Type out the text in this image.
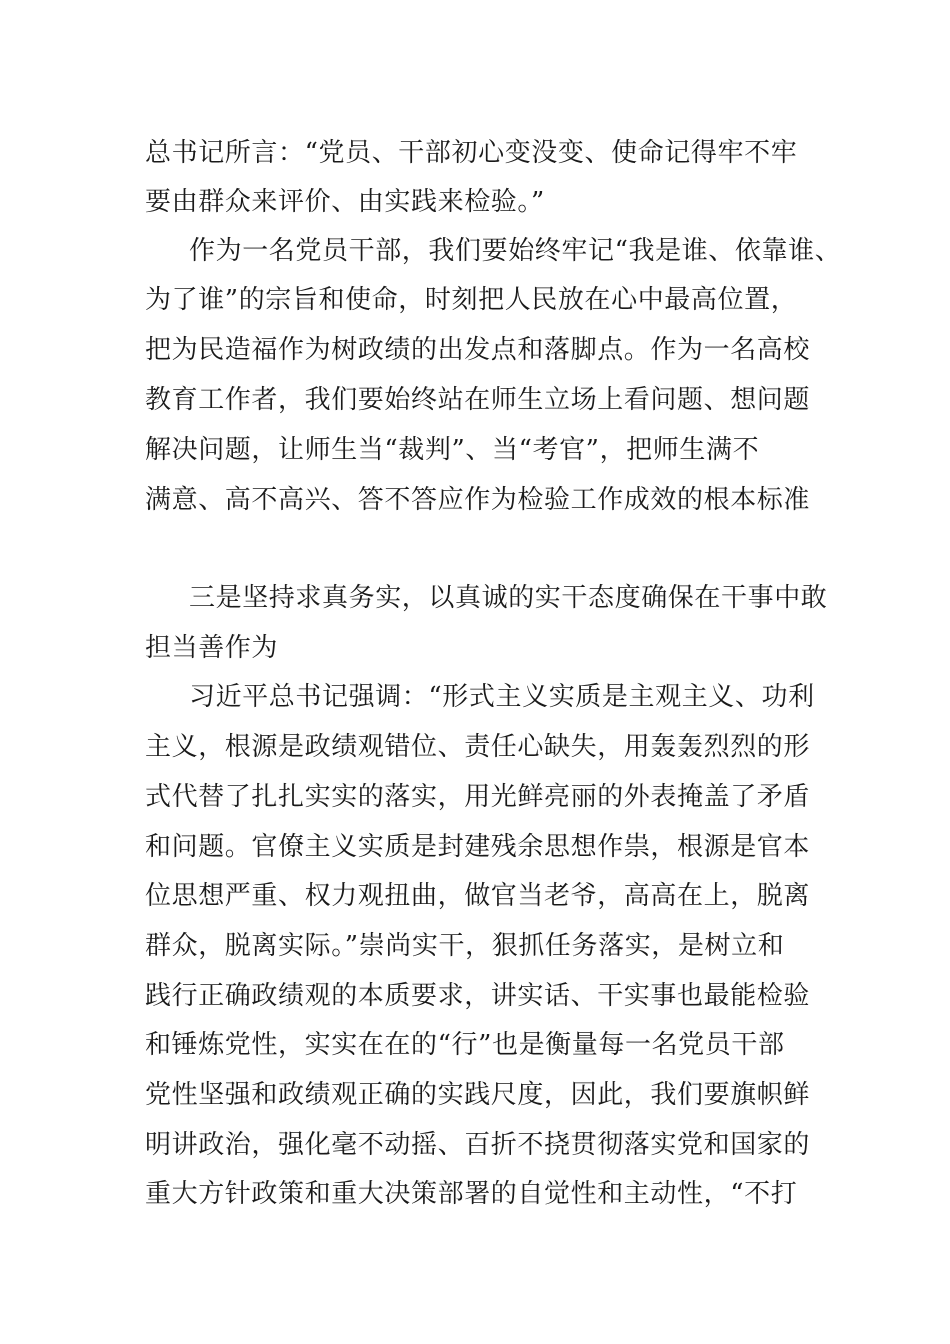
总书记所言：“党员、干部初心变没变、使命记得牢不牢
要由群众来评价、由实践来检验。”
作为一名党员干部，我们要始终牢记“我是谁、依靠谁、
为了谁”的宗旨和使命，时刻把人民放在心中最高位置，
把为民造福作为树政绩的出发点和落脚点。作为一名高校
教育工作者，我们要始终站在师生立场上看问题、想问题
解决问题，让师生当“裁判”、当“考官”，把师生满不
满意、高不高兴、答不答应作为检验工作成效的根本标准
三是坚持求真务实，以真诚的实干态度确保在干事中敢
担当善作为
习近平总书记强调：“形式主义实质是主观主义、功利
主义，根源是政绩观错位、责任心缺失，用轰轰烈烈的形
式代替了扎扎实实的落实，用光鲜亮丽的外表掩盖了矛盾
和问题。官僚主义实质是封建残余思想作祟，根源是官本
位思想严重、权力观扭曲，做官当老爷，高高在上，脱离
群众，脱离实际。”崇尚实干，狠抓任务落实，是树立和
践行正确政绩观的本质要求，讲实话、干实事也最能检验
和锤炼党性，实实在在的“行”也是衡量每一名党员干部
党性坚强和政绩观正确的实践尺度，因此，我们要旗帜鲜
明讲政治，强化毫不动摇、百折不挠贯彻落实党和国家的
重大方针政策和重大决策部署的自觉性和主动性，“不打
